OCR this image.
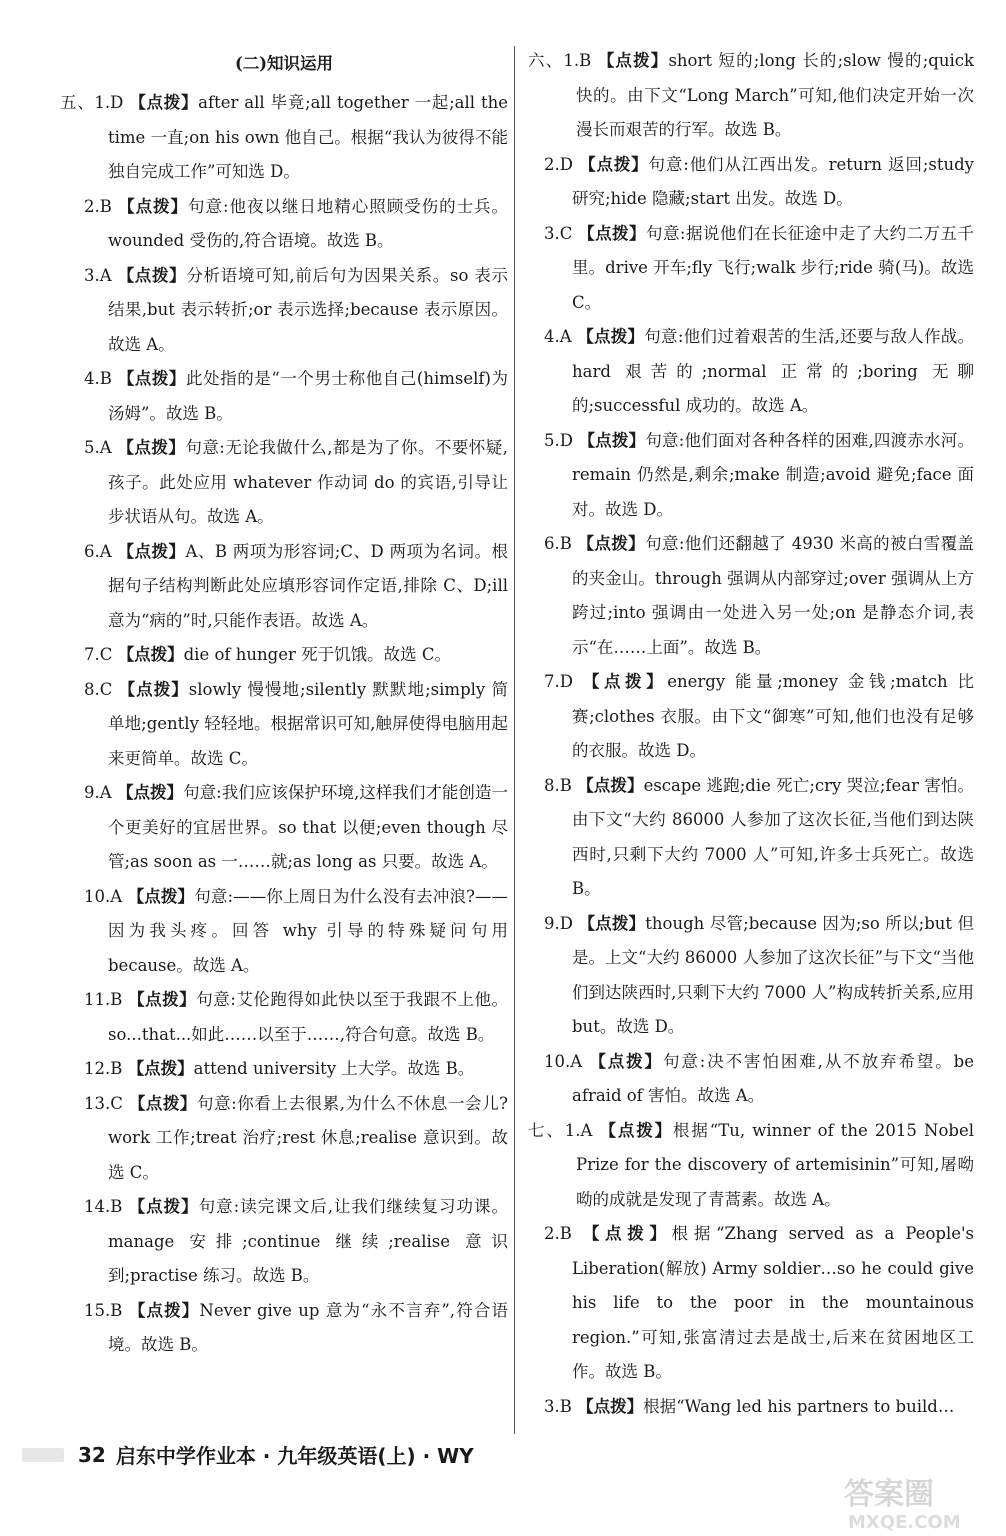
(二)知识运用

五、1.D 【点拨】after all 毕竟;all together 一起;all the time 一直;on his own 他自己。根据“我认为彼得不能独自完成工作”可知选 D。

2.B 【点拨】句意:他夜以继日地精心照顾受伤的士兵。wounded 受伤的,符合语境。故选 B。

3.A 【点拨】分析语境可知,前后句为因果关系。so 表示结果,but 表示转折;or 表示选择;because 表示原因。故选 A。

4.B 【点拨】此处指的是“一个男士称他自己(himself)为汤姆”。故选 B。

5.A 【点拨】句意:无论我做什么,都是为了你。不要怀疑,孩子。此处应用 whatever 作动词 do 的宾语,引导让步状语从句。故选 A。

6.A 【点拨】A、B 两项为形容词;C、D 两项为名词。根据句子结构判断此处应填形容词作定语,排除 C、D;ill 意为“病的”时,只能作表语。故选 A。

7.C 【点拨】die of hunger 死于饥饿。故选 C。

8.C 【点拨】slowly 慢慢地;silently 默默地;simply 简单地;gently 轻轻地。根据常识可知,触屏使得电脑用起来更简单。故选 C。

9.A 【点拨】句意:我们应该保护环境,这样我们才能创造一个更美好的宜居世界。so that 以便;even though 尽管;as soon as 一……就;as long as 只要。故选 A。

10.A 【点拨】句意:——你上周日为什么没有去冲浪?——因为我头疼。回答 why 引导的特殊疑问句用 because。故选 A。

11.B 【点拨】句意:艾伦跑得如此快以至于我跟不上他。so...that...如此……以至于……,符合句意。故选 B。

12.B 【点拨】attend university 上大学。故选 B。

13.C 【点拨】句意:你看上去很累,为什么不休息一会儿? work 工作;treat 治疗;rest 休息;realise 意识到。故选 C。

14.B 【点拨】句意:读完课文后,让我们继续复习功课。manage 安排;continue 继续;realise 意识到;practise 练习。故选 B。

15.B 【点拨】Never give up 意为“永不言弃”,符合语境。故选 B。

六、1.B 【点拨】short 短的;long 长的;slow 慢的;quick 快的。由下文“Long March”可知,他们决定开始一次漫长而艰苦的行军。故选 B。

2.D 【点拨】句意:他们从江西出发。return 返回;study 研究;hide 隐藏;start 出发。故选 D。

3.C 【点拨】句意:据说他们在长征途中走了大约二万五千里。drive 开车;fly 飞行;walk 步行;ride 骑(马)。故选 C。

4.A 【点拨】句意:他们过着艰苦的生活,还要与敌人作战。hard 艰苦的;normal 正常的;boring 无聊的;successful 成功的。故选 A。

5.D 【点拨】句意:他们面对各种各样的困难,四渡赤水河。remain 仍然是,剩余;make 制造;avoid 避免;face 面对。故选 D。

6.B 【点拨】句意:他们还翻越了 4930 米高的被白雪覆盖的夹金山。through 强调从内部穿过;over 强调从上方跨过;into 强调由一处进入另一处;on 是静态介词,表示“在……上面”。故选 B。

7.D 【点拨】energy 能量;money 金钱;match 比赛;clothes 衣服。由下文“御寒”可知,他们也没有足够的衣服。故选 D。

8.B 【点拨】escape 逃跑;die 死亡;cry 哭泣;fear 害怕。由下文“大约 86000 人参加了这次长征,当他们到达陕西时,只剩下大约 7000 人”可知,许多士兵死亡。故选 B。

9.D 【点拨】though 尽管;because 因为;so 所以;but 但是。上文“大约 86000 人参加了这次长征”与下文“当他们到达陕西时,只剩下大约 7000 人”构成转折关系,应用 but。故选 D。

10.A 【点拨】句意:决不害怕困难,从不放弃希望。be afraid of 害怕。故选 A。

七、1.A 【点拨】根据“Tu, winner of the 2015 Nobel Prize for the discovery of artemisinin”可知,屠呦呦的成就是发现了青蒿素。故选 A。

2.B 【点拨】根据“Zhang served as a People's Liberation(解放) Army soldier…so he could give his life to the poor in the mountainous region.”可知,张富清过去是战士,后来在贫困地区工作。故选 B。

3.B 【点拨】根据“Wang led his partners to build…

32 启东中学作业本 · 九年级英语(上) · WY
答案圈
MXQE.COM
